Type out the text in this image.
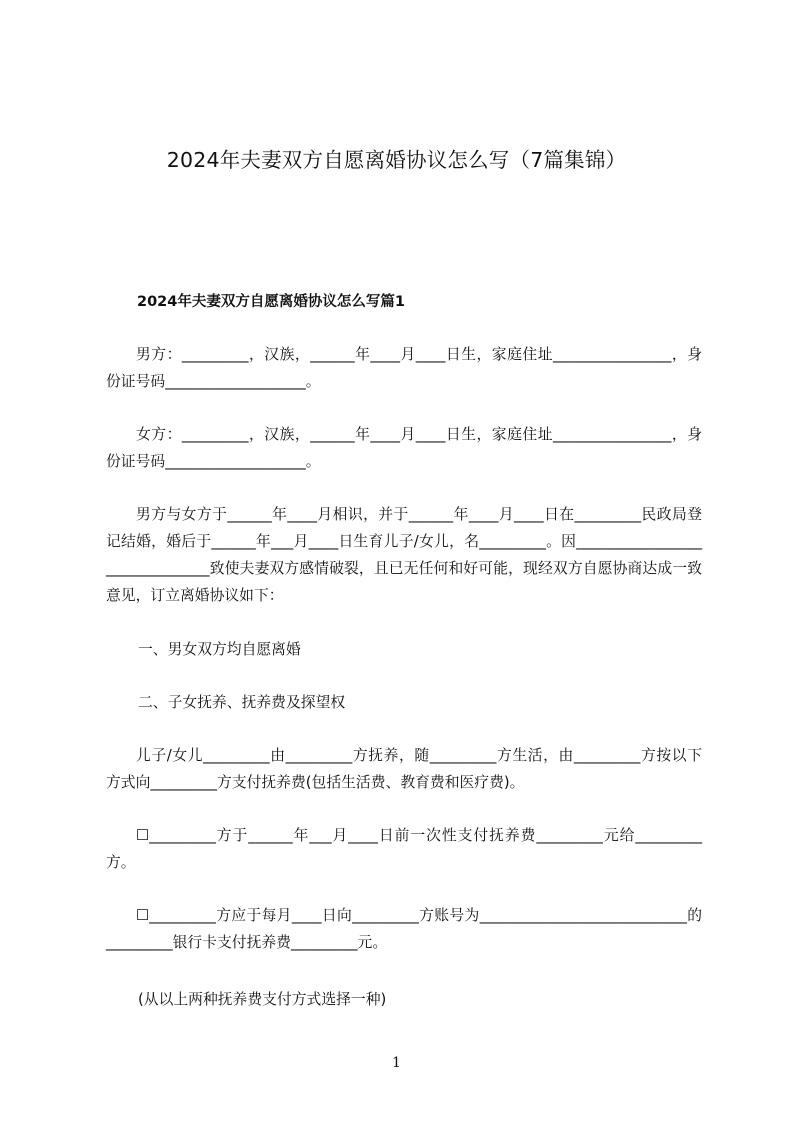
2024年夫妻双方自愿离婚协议怎么写（7篇集锦）
2024年夫妻双方自愿离婚协议怎么写篇1
男方：_________，汉族，______年____月____日生，家庭住址________________，身份证号码___________________。
女方：_________，汉族，______年____月____日生，家庭住址________________，身份证号码___________________。
男方与女方于______年____月相识，并于______年____月____日在_________民政局登记结婚，婚后于______年___月____日生育儿子/女儿，名_________。因_______________________________致使夫妻双方感情破裂，且已无任何和好可能，现经双方自愿协商达成一致意见，订立离婚协议如下：
一、男女双方均自愿离婚
二、子女抚养、抚养费及探望权
儿子/女儿_________由_________方抚养，随_________方生活，由_________方按以下方式向_________方支付抚养费(包括生活费、教育费和医疗费)。
☐_________方于______年___月____日前一次性支付抚养费_________元给_________方。
☐_________方应于每月____日向_________方账号为____________________________的_________银行卡支付抚养费_________元。
(从以上两种抚养费支付方式选择一种)
1
